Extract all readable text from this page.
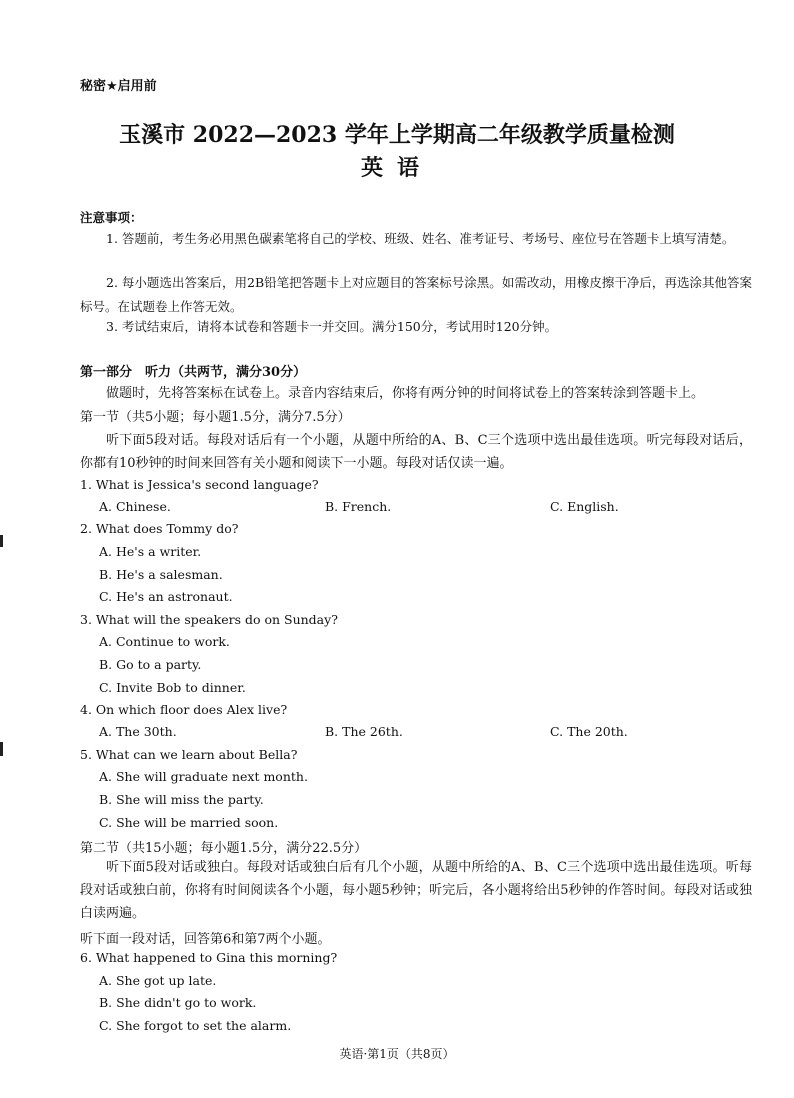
秘密★启用前
玉溪市 2022—2023 学年上学期高二年级教学质量检测
英语
注意事项：
1. 答题前，考生务必用黑色碳素笔将自己的学校、班级、姓名、准考证号、考场号、座位号在答题卡上填写清楚。
2. 每小题选出答案后，用2B铅笔把答题卡上对应题目的答案标号涂黑。如需改动，用橡皮擦干净后，再选涂其他答案标号。在试题卷上作答无效。
3. 考试结束后，请将本试卷和答题卡一并交回。满分150分，考试用时120分钟。
第一部分　听力（共两节，满分30分）
做题时，先将答案标在试卷上。录音内容结束后，你将有两分钟的时间将试卷上的答案转涂到答题卡上。
第一节（共5小题；每小题1.5分，满分7.5分）
听下面5段对话。每段对话后有一个小题，从题中所给的A、B、C三个选项中选出最佳选项。听完每段对话后，你都有10秒钟的时间来回答有关小题和阅读下一小题。每段对话仅读一遍。
1. What is Jessica's second language?
A. Chinese.	B. French.	C. English.
2. What does Tommy do?
A. He's a writer.
B. He's a salesman.
C. He's an astronaut.
3. What will the speakers do on Sunday?
A. Continue to work.
B. Go to a party.
C. Invite Bob to dinner.
4. On which floor does Alex live?
A. The 30th.	B. The 26th.	C. The 20th.
5. What can we learn about Bella?
A. She will graduate next month.
B. She will miss the party.
C. She will be married soon.
第二节（共15小题；每小题1.5分，满分22.5分）
听下面5段对话或独白。每段对话或独白后有几个小题，从题中所给的A、B、C三个选项中选出最佳选项。听每段对话或独白前，你将有时间阅读各个小题，每小题5秒钟；听完后，各小题将给出5秒钟的作答时间。每段对话或独白读两遍。
听下面一段对话，回答第6和第7两个小题。
6. What happened to Gina this morning?
A. She got up late.
B. She didn't go to work.
C. She forgot to set the alarm.
英语·第1页（共8页）
